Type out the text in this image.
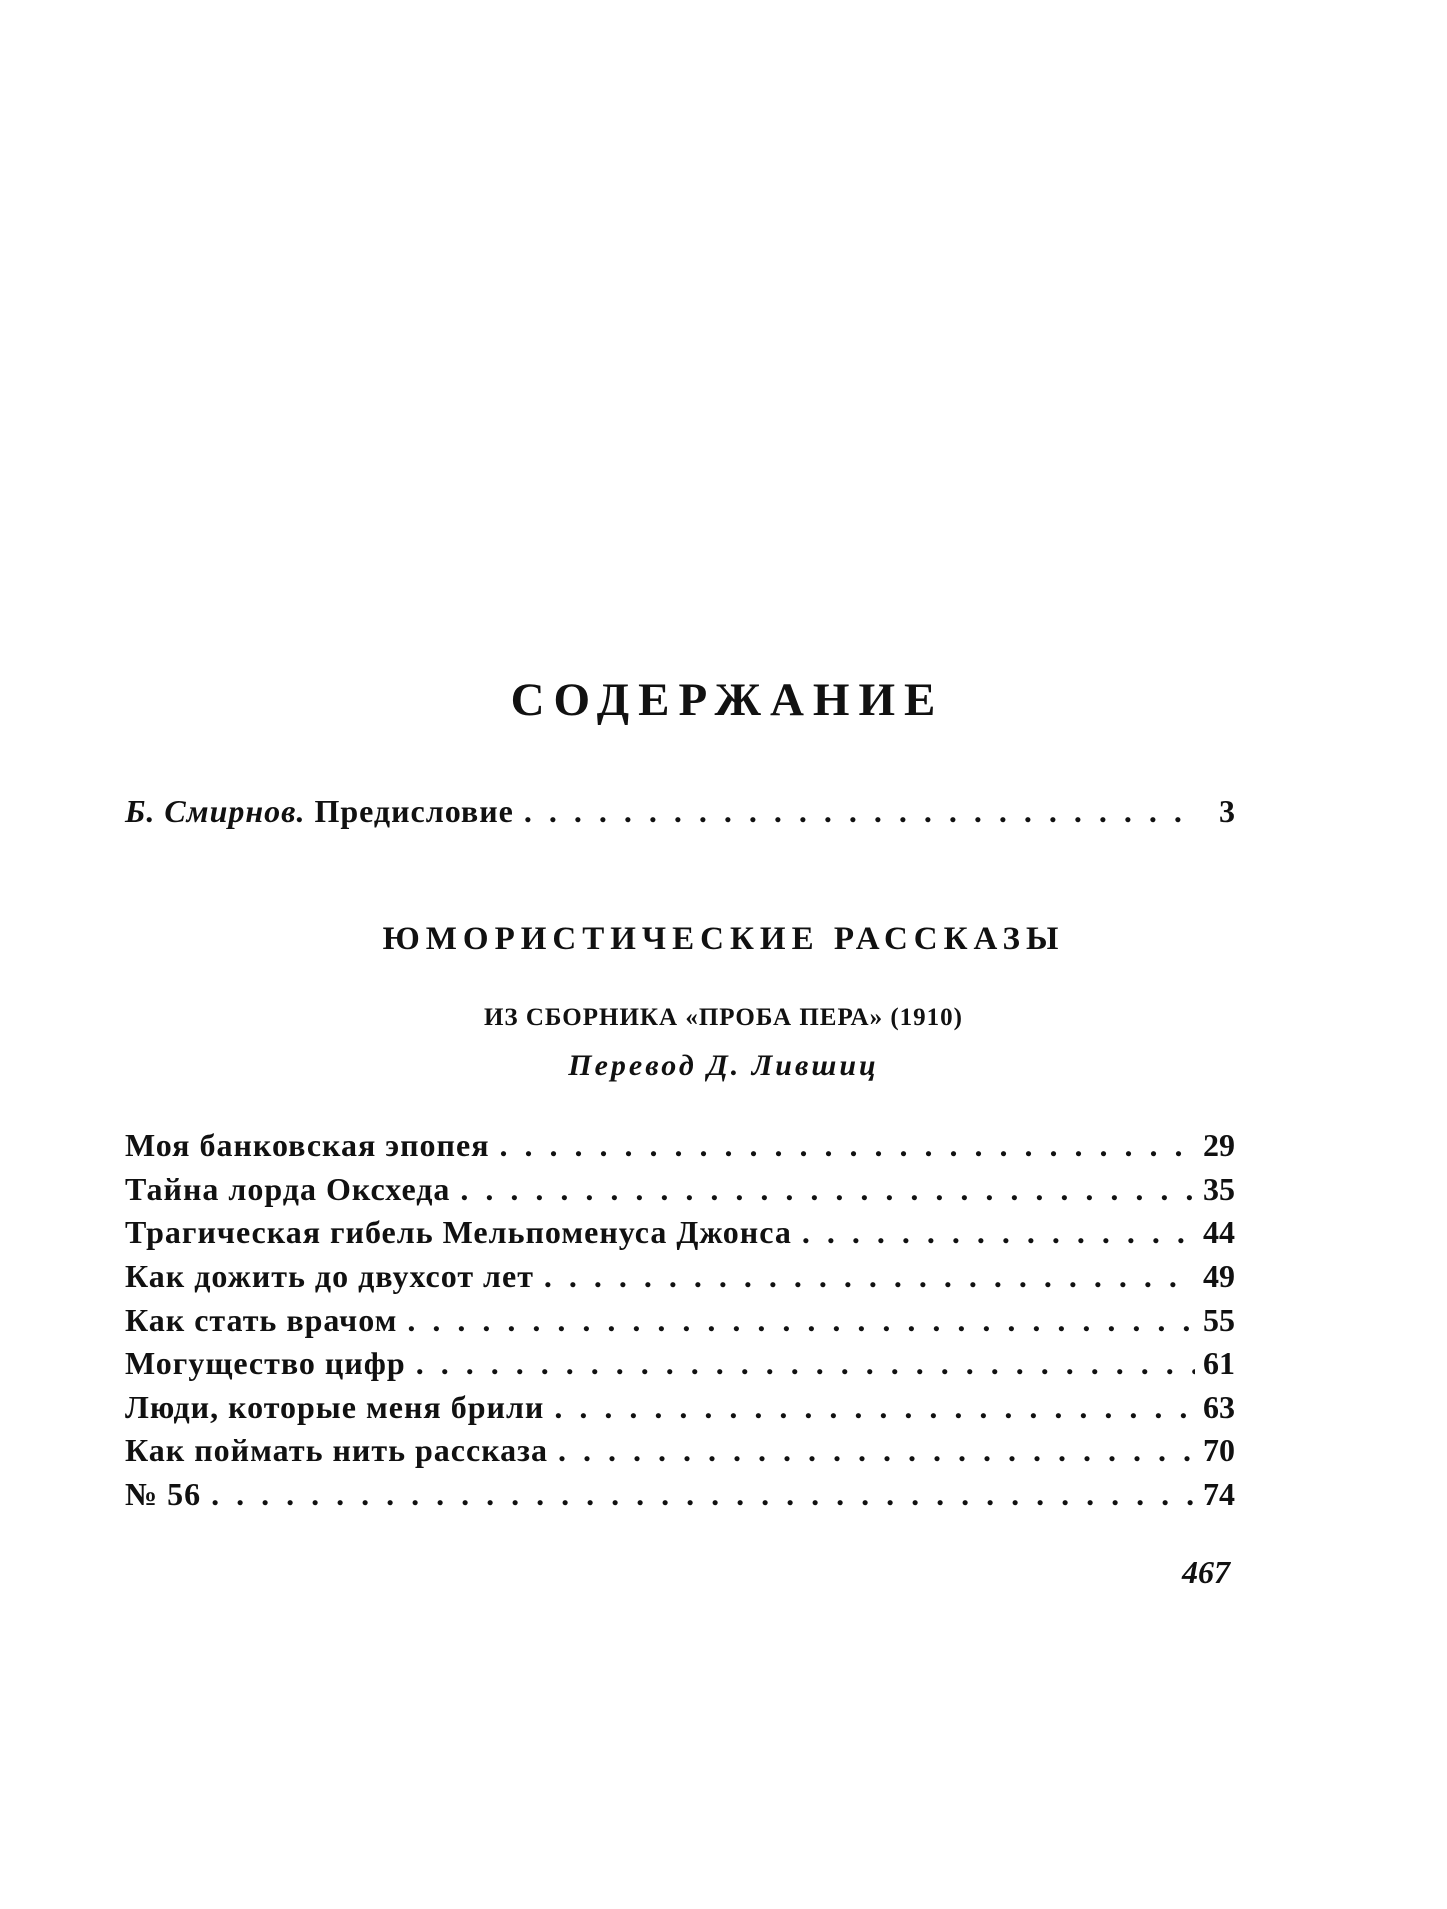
СОДЕРЖАНИЕ
Б. Смирнов. Предисловие . . .	3
ЮМОРИСТИЧЕСКИЕ РАССКАЗЫ
ИЗ СБОРНИКА «ПРОБА ПЕРА» (1910)
Перевод Д. Лившиц
Моя банковская эпопея . . .	29
Тайна лорда Оксхеда . . .	35
Трагическая гибель Мельпоменуса Джонса . . .	44
Как дожить до двухсот лет . . .	49
Как стать врачом . . .	55
Могущество цифр . . .	61
Люди, которые меня брили . . .	63
Как поймать нить рассказа . . .	70
№ 56 . . .	74
467
